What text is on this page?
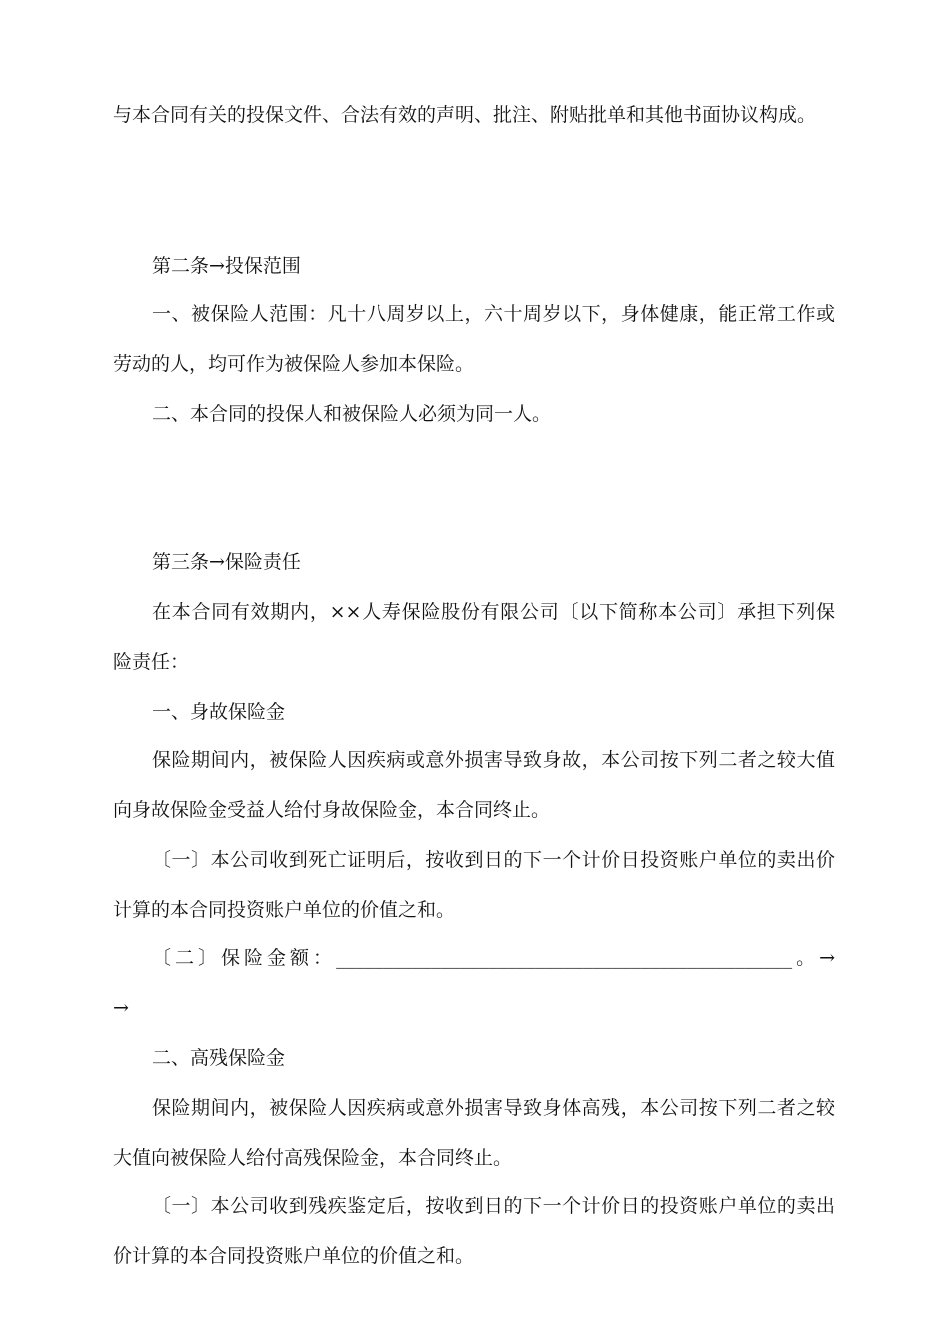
与本合同有关的投保文件、合法有效的声明、批注、附贴批单和其他书面协议构成。
第二条→投保范围
一、被保险人范围：凡十八周岁以上，六十周岁以下，身体健康，能正常工作或
劳动的人，均可作为被保险人参加本保险。
二、本合同的投保人和被保险人必须为同一人。
第三条→保险责任
在本合同有效期内，××人寿保险股份有限公司〔以下简称本公司〕承担下列保
险责任：
一、身故保险金
保险期间内，被保险人因疾病或意外损害导致身故，本公司按下列二者之较大值
向身故保险金受益人给付身故保险金，本合同终止。
〔一〕本公司收到死亡证明后，按收到日的下一个计价日投资账户单位的卖出价
计算的本合同投资账户单位的价值之和。
〔二〕保险金额：________________________________________________。→
→
二、高残保险金
保险期间内，被保险人因疾病或意外损害导致身体高残，本公司按下列二者之较
大值向被保险人给付高残保险金，本合同终止。
〔一〕本公司收到残疾鉴定后，按收到日的下一个计价日的投资账户单位的卖出
价计算的本合同投资账户单位的价值之和。
